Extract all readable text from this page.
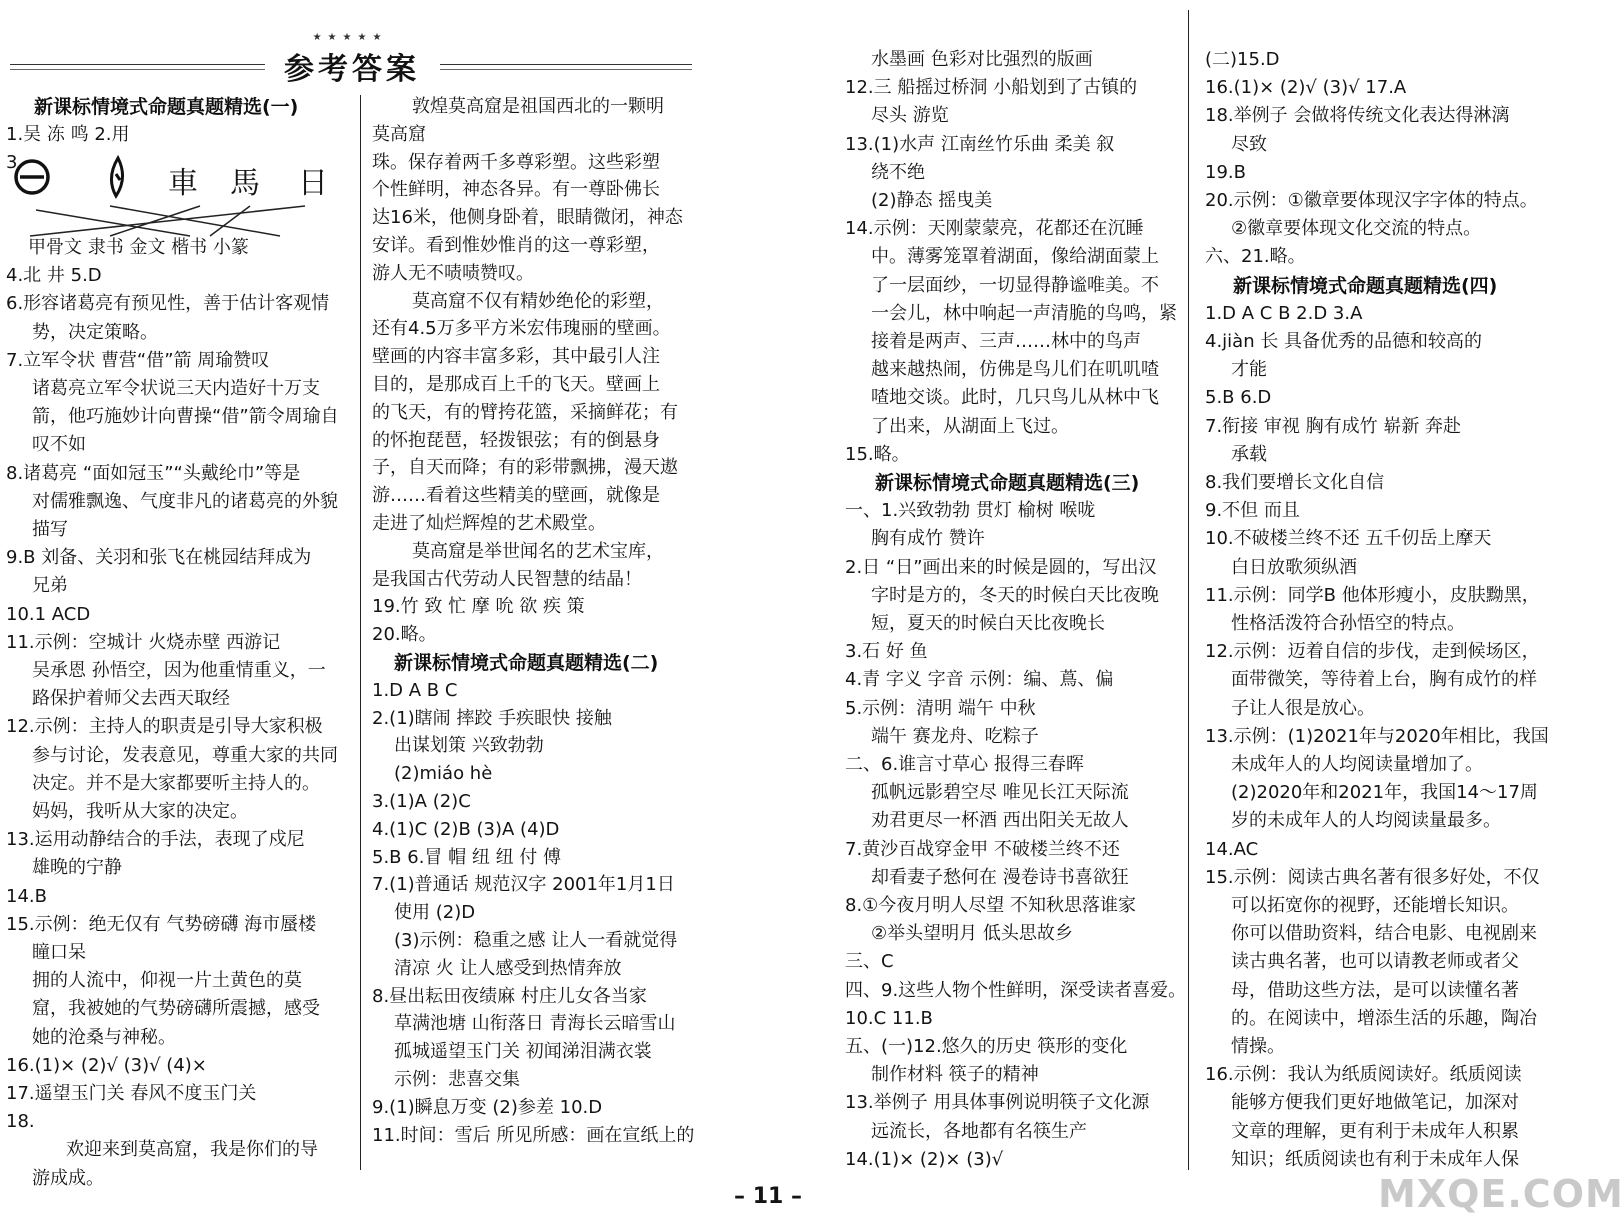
★★★★★
参考答案
車 馬 日
新课标情境式命题真题精选(一)
1.吴 冻 鸣 2.用
3.
甲骨文 隶书 金文 楷书 小篆
4.北 井 5.D
6.形容诸葛亮有预见性，善于估计客观情
势，决定策略。
7.立军令状 曹营“借”箭 周瑜赞叹
诸葛亮立军令状说三天内造好十万支
箭，他巧施妙计向曹操“借”箭令周瑜自
叹不如
8.诸葛亮 “面如冠玉”“头戴纶巾”等是
对儒雅飘逸、气度非凡的诸葛亮的外貌
描写
9.B 刘备、关羽和张飞在桃园结拜成为
兄弟
10.1 ACD
11.示例：空城计 火烧赤壁 西游记
吴承恩 孙悟空，因为他重情重义，一
路保护着师父去西天取经
12.示例：主持人的职责是引导大家积极
参与讨论，发表意见，尊重大家的共同
决定。并不是大家都要听主持人的。
妈妈，我听从大家的决定。
13.运用动静结合的手法，表现了戍尼
雄晚的宁静
14.B
15.示例：绝无仅有 气势磅礴 海市蜃楼
瞳口呆
拥的人流中，仰视一片土黄色的莫
窟，我被她的气势磅礴所震撼，感受
她的沧桑与神秘。
16.(1)× (2)√ (3)√ (4)×
17.遥望玉门关 春风不度玉门关
18.
欢迎来到莫高窟，我是你们的导
游成成。
敦煌莫高窟是祖国西北的一颗明
莫高窟
珠。保存着两千多尊彩塑。这些彩塑
个性鲜明，神态各异。有一尊卧佛长
达16米，他侧身卧着，眼睛微闭，神态
安详。看到惟妙惟肖的这一尊彩塑，
游人无不啧啧赞叹。
莫高窟不仅有精妙绝伦的彩塑，
还有4.5万多平方米宏伟瑰丽的壁画。
壁画的内容丰富多彩，其中最引人注
目的，是那成百上千的飞天。壁画上
的飞天，有的臂挎花篮，采摘鲜花；有
的怀抱琵琶，轻拨银弦；有的倒悬身
子，自天而降；有的彩带飘拂，漫天遨
游……看着这些精美的壁画，就像是
走进了灿烂辉煌的艺术殿堂。
莫高窟是举世闻名的艺术宝库，
是我国古代劳动人民智慧的结晶！
19.竹 致 忙 摩 吮 欲 疾 策
20.略。
新课标情境式命题真题精选(二)
1.D A B C
2.(1)瞎闹 摔跤 手疾眼快 接触
出谋划策 兴致勃勃
(2)miáo hè
3.(1)A (2)C
4.(1)C (2)B (3)A (4)D
5.B 6.冒 帽 纽 纽 付 傅
7.(1)普通话 规范汉字 2001年1月1日
使用 (2)D
(3)示例：稳重之感 让人一看就觉得
清凉 火 让人感受到热情奔放
8.昼出耘田夜绩麻 村庄儿女各当家
草满池塘 山衔落日 青海长云暗雪山
孤城遥望玉门关 初闻涕泪满衣裳
示例：悲喜交集
9.(1)瞬息万变 (2)参差 10.D
11.时间：雪后 所见所感：画在宣纸上的
水墨画 色彩对比强烈的版画
12.三 船摇过桥洞 小船划到了古镇的
尽头 游览
13.(1)水声 江南丝竹乐曲 柔美 叙
绕不绝
(2)静态 摇曳美
14.示例：天刚蒙蒙亮，花都还在沉睡
中。薄雾笼罩着湖面，像给湖面蒙上
了一层面纱，一切显得静谧唯美。不
一会儿，林中响起一声清脆的鸟鸣，紧
接着是两声、三声……林中的鸟声
越来越热闹，仿佛是鸟儿们在叽叽喳
喳地交谈。此时，几只鸟儿从林中飞
了出来，从湖面上飞过。
15.略。
新课标情境式命题真题精选(三)
一、1.兴致勃勃 贯灯 榆树 喉咙
胸有成竹 赞许
2.日 “日”画出来的时候是圆的，写出汉
字时是方的，冬天的时候白天比夜晚
短，夏天的时候白天比夜晚长
3.石 好 鱼
4.青 字义 字音 示例：编、蔦、偏
5.示例：清明 端午 中秋
端午 赛龙舟、吃粽子
二、6.谁言寸草心 报得三春晖
孤帆远影碧空尽 唯见长江天际流
劝君更尽一杯酒 西出阳关无故人
7.黄沙百战穿金甲 不破楼兰终不还
却看妻子愁何在 漫卷诗书喜欲狂
8.①今夜月明人尽望 不知秋思落谁家
②举头望明月 低头思故乡
三、C
四、9.这些人物个性鲜明，深受读者喜爱。
10.C 11.B
五、(一)12.悠久的历史 筷形的变化
制作材料 筷子的精神
13.举例子 用具体事例说明筷子文化源
远流长，各地都有名筷生产
14.(1)× (2)× (3)√
(二)15.D
16.(1)× (2)√ (3)√ 17.A
18.举例子 会做将传统文化表达得淋漓
尽致
19.B
20.示例：①徽章要体现汉字字体的特点。
②徽章要体现文化交流的特点。
六、21.略。
新课标情境式命题真题精选(四)
1.D A C B 2.D 3.A
4.jiàn 长 具备优秀的品德和较高的
才能
5.B 6.D
7.衔接 审视 胸有成竹 崭新 奔赴
承载
8.我们要增长文化自信
9.不但 而且
10.不破楼兰终不还 五千仞岳上摩天
白日放歌须纵酒
11.示例：同学B 他体形瘦小，皮肤黝黑，
性格活泼符合孙悟空的特点。
12.示例：迈着自信的步伐，走到候场区，
面带微笑，等待着上台，胸有成竹的样
子让人很是放心。
13.示例：(1)2021年与2020年相比，我国
未成年人的人均阅读量增加了。
(2)2020年和2021年，我国14～17周
岁的未成年人的人均阅读量最多。
14.AC
15.示例：阅读古典名著有很多好处，不仅
可以拓宽你的视野，还能增长知识。
你可以借助资料，结合电影、电视剧来
读古典名著，也可以请教老师或者父
母，借助这些方法，是可以读懂名著
的。在阅读中，增添生活的乐趣，陶冶
情操。
16.示例：我认为纸质阅读好。纸质阅读
能够方便我们更好地做笔记，加深对
文章的理解，更有利于未成年人积累
知识；纸质阅读也有利于未成年人保
– 11 –	MXQE.COM
